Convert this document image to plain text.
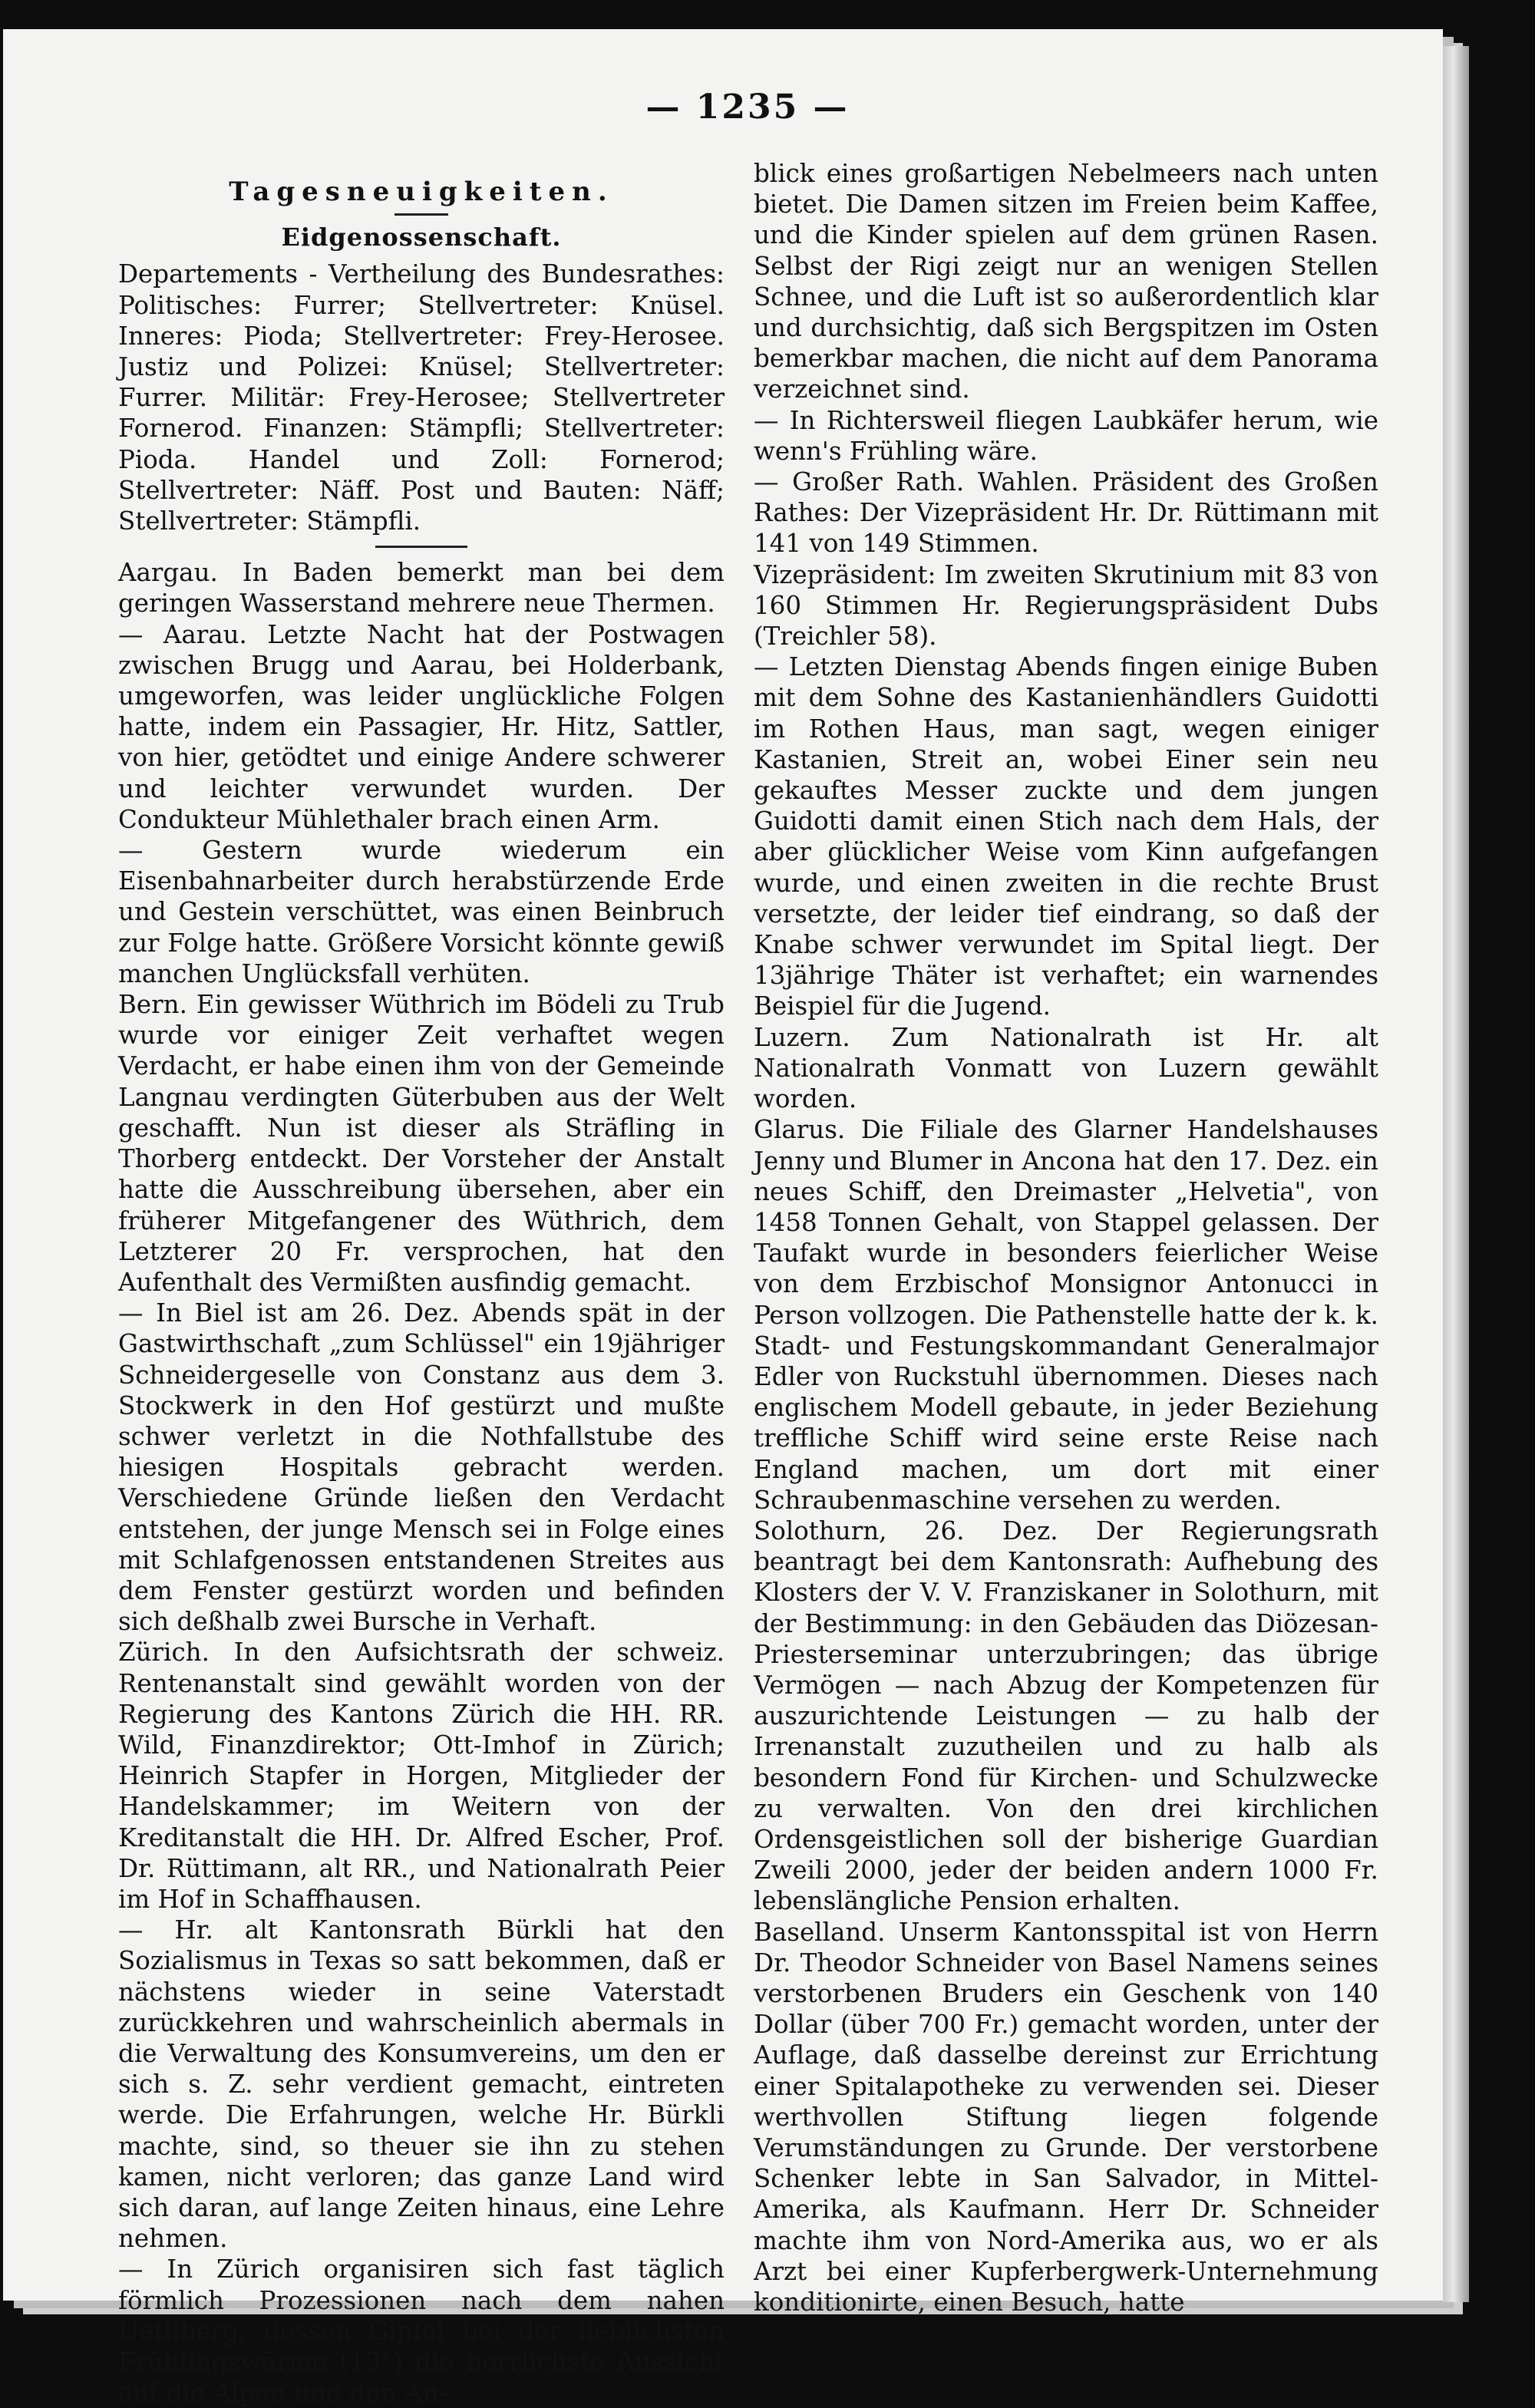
— 1235 —

Tagesneuigkeiten.

Eidgenossenschaft.

Departements - Vertheilung des Bundesrathes: Politisches: Furrer; Stellvertreter: Knüsel. Inneres: Pioda; Stellvertreter: Frey-Herosee. Justiz und Polizei: Knüsel; Stellvertreter: Furrer. Militär: Frey-Herosee; Stellvertreter Fornerod. Finanzen: Stämpfli; Stellvertreter: Pioda. Handel und Zoll: Fornerod; Stellvertreter: Näff. Post und Bauten: Näff; Stellvertreter: Stämpfli.

Aargau. In Baden bemerkt man bei dem geringen Wasserstand mehrere neue Thermen.

— Aarau. Letzte Nacht hat der Postwagen zwischen Brugg und Aarau, bei Holderbank, umgeworfen, was leider unglückliche Folgen hatte, indem ein Passagier, Hr. Hitz, Sattler, von hier, getödtet und einige Andere schwerer und leichter verwundet wurden. Der Condukteur Mühlethaler brach einen Arm.

— Gestern wurde wiederum ein Eisenbahnarbeiter durch herabstürzende Erde und Gestein verschüttet, was einen Beinbruch zur Folge hatte. Größere Vorsicht könnte gewiß manchen Unglücksfall verhüten.

Bern. Ein gewisser Wüthrich im Bödeli zu Trub wurde vor einiger Zeit verhaftet wegen Verdacht, er habe einen ihm von der Gemeinde Langnau verdingten Güterbuben aus der Welt geschafft. Nun ist dieser als Sträfling in Thorberg entdeckt. Der Vorsteher der Anstalt hatte die Ausschreibung übersehen, aber ein früherer Mitgefangener des Wüthrich, dem Letzterer 20 Fr. versprochen, hat den Aufenthalt des Vermißten ausfindig gemacht.

— In Biel ist am 26. Dez. Abends spät in der Gastwirthschaft „zum Schlüssel" ein 19jähriger Schneidergeselle von Constanz aus dem 3. Stockwerk in den Hof gestürzt und mußte schwer verletzt in die Nothfallstube des hiesigen Hospitals gebracht werden. Verschiedene Gründe ließen den Verdacht entstehen, der junge Mensch sei in Folge eines mit Schlafgenossen entstandenen Streites aus dem Fenster gestürzt worden und befinden sich deßhalb zwei Bursche in Verhaft.

Zürich. In den Aufsichtsrath der schweiz. Rentenanstalt sind gewählt worden von der Regierung des Kantons Zürich die HH. RR. Wild, Finanzdirektor; Ott-Imhof in Zürich; Heinrich Stapfer in Horgen, Mitglieder der Handelskammer; im Weitern von der Kreditanstalt die HH. Dr. Alfred Escher, Prof. Dr. Rüttimann, alt RR., und Nationalrath Peier im Hof in Schaffhausen.

— Hr. alt Kantonsrath Bürkli hat den Sozialismus in Texas so satt bekommen, daß er nächstens wieder in seine Vaterstadt zurückkehren und wahrscheinlich abermals in die Verwaltung des Konsumvereins, um den er sich s. Z. sehr verdient gemacht, eintreten werde. Die Erfahrungen, welche Hr. Bürkli machte, sind, so theuer sie ihn zu stehen kamen, nicht verloren; das ganze Land wird sich daran, auf lange Zeiten hinaus, eine Lehre nehmen.

— In Zürich organisiren sich fast täglich förmlich Prozessionen nach dem nahen Uetliberg, dessen Gipfel bei der lieblichsten Frühlingswärme (13°) die herrlichste Aussicht auf die Alpen und den An-

blick eines großartigen Nebelmeers nach unten bietet. Die Damen sitzen im Freien beim Kaffee, und die Kinder spielen auf dem grünen Rasen. Selbst der Rigi zeigt nur an wenigen Stellen Schnee, und die Luft ist so außerordentlich klar und durchsichtig, daß sich Bergspitzen im Osten bemerkbar machen, die nicht auf dem Panorama verzeichnet sind.

— In Richtersweil fliegen Laubkäfer herum, wie wenn's Frühling wäre.

— Großer Rath. Wahlen. Präsident des Großen Rathes: Der Vizepräsident Hr. Dr. Rüttimann mit 141 von 149 Stimmen.

Vizepräsident: Im zweiten Skrutinium mit 83 von 160 Stimmen Hr. Regierungspräsident Dubs (Treichler 58).

— Letzten Dienstag Abends fingen einige Buben mit dem Sohne des Kastanienhändlers Guidotti im Rothen Haus, man sagt, wegen einiger Kastanien, Streit an, wobei Einer sein neu gekauftes Messer zuckte und dem jungen Guidotti damit einen Stich nach dem Hals, der aber glücklicher Weise vom Kinn aufgefangen wurde, und einen zweiten in die rechte Brust versetzte, der leider tief eindrang, so daß der Knabe schwer verwundet im Spital liegt. Der 13jährige Thäter ist verhaftet; ein warnendes Beispiel für die Jugend.

Luzern. Zum Nationalrath ist Hr. alt Nationalrath Vonmatt von Luzern gewählt worden.

Glarus. Die Filiale des Glarner Handelshauses Jenny und Blumer in Ancona hat den 17. Dez. ein neues Schiff, den Dreimaster „Helvetia", von 1458 Tonnen Gehalt, von Stappel gelassen. Der Taufakt wurde in besonders feierlicher Weise von dem Erzbischof Monsignor Antonucci in Person vollzogen. Die Pathenstelle hatte der k. k. Stadt- und Festungskommandant Generalmajor Edler von Ruckstuhl übernommen. Dieses nach englischem Modell gebaute, in jeder Beziehung treffliche Schiff wird seine erste Reise nach England machen, um dort mit einer Schraubenmaschine versehen zu werden.

Solothurn, 26. Dez. Der Regierungsrath beantragt bei dem Kantonsrath: Aufhebung des Klosters der V. V. Franziskaner in Solothurn, mit der Bestimmung: in den Gebäuden das Diözesan-Priesterseminar unterzubringen; das übrige Vermögen — nach Abzug der Kompetenzen für auszurichtende Leistungen — zu halb der Irrenanstalt zuzutheilen und zu halb als besondern Fond für Kirchen- und Schulzwecke zu verwalten. Von den drei kirchlichen Ordensgeistlichen soll der bisherige Guardian Zweili 2000, jeder der beiden andern 1000 Fr. lebenslängliche Pension erhalten.

Baselland. Unserm Kantonsspital ist von Herrn Dr. Theodor Schneider von Basel Namens seines verstorbenen Bruders ein Geschenk von 140 Dollar (über 700 Fr.) gemacht worden, unter der Auflage, daß dasselbe dereinst zur Errichtung einer Spitalapotheke zu verwenden sei. Dieser werthvollen Stiftung liegen folgende Verumständungen zu Grunde. Der verstorbene Schenker lebte in San Salvador, in Mittel-Amerika, als Kaufmann. Herr Dr. Schneider machte ihm von Nord-Amerika aus, wo er als Arzt bei einer Kupferbergwerk-Unternehmung konditionirte, einen Besuch, hatte
